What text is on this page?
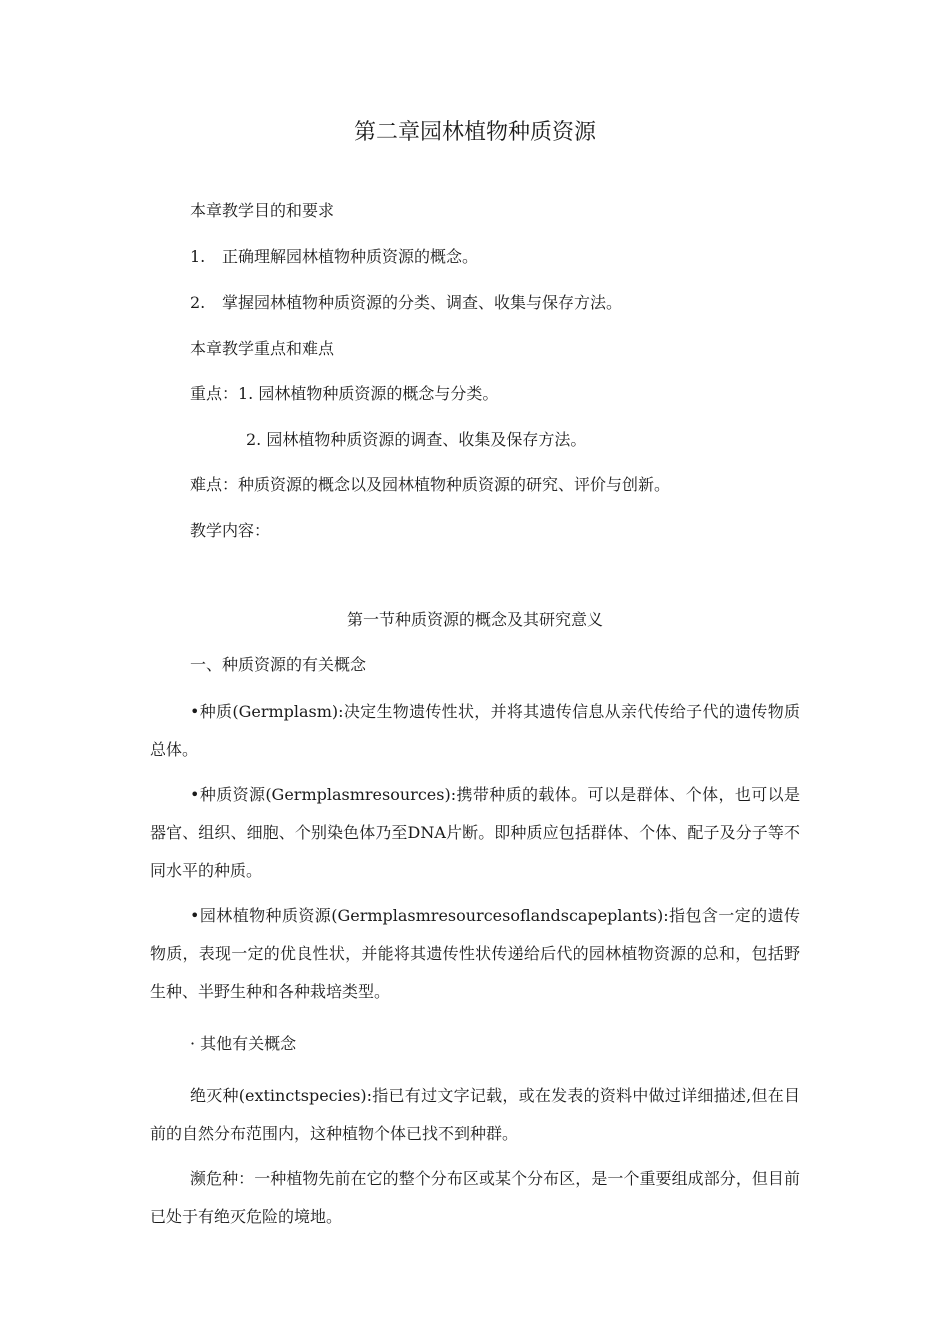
第二章园林植物种质资源

本章教学目的和要求

1. 正确理解园林植物种质资源的概念。

2. 掌握园林植物种质资源的分类、调查、收集与保存方法。

本章教学重点和难点

重点：1. 园林植物种质资源的概念与分类。

2. 园林植物种质资源的调查、收集及保存方法。

难点：种质资源的概念以及园林植物种质资源的研究、评价与创新。

教学内容：

第一节种质资源的概念及其研究意义

一、种质资源的有关概念

•种质(Germplasm):决定生物遗传性状，并将其遗传信息从亲代传给子代的遗传物质总体。

•种质资源(Germplasmresources):携带种质的载体。可以是群体、个体，也可以是器官、组织、细胞、个别染色体乃至DNA片断。即种质应包括群体、个体、配子及分子等不同水平的种质。

•园林植物种质资源(Germplasmresourcesoflandscapeplants):指包含一定的遗传物质，表现一定的优良性状，并能将其遗传性状传递给后代的园林植物资源的总和，包括野生种、半野生种和各种栽培类型。

· 其他有关概念

绝灭种(extinctspecies):指已有过文字记载，或在发表的资料中做过详细描述,但在目前的自然分布范围内，这种植物个体已找不到种群。

濒危种：一种植物先前在它的整个分布区或某个分布区，是一个重要组成部分，但目前已处于有绝灭危险的境地。
